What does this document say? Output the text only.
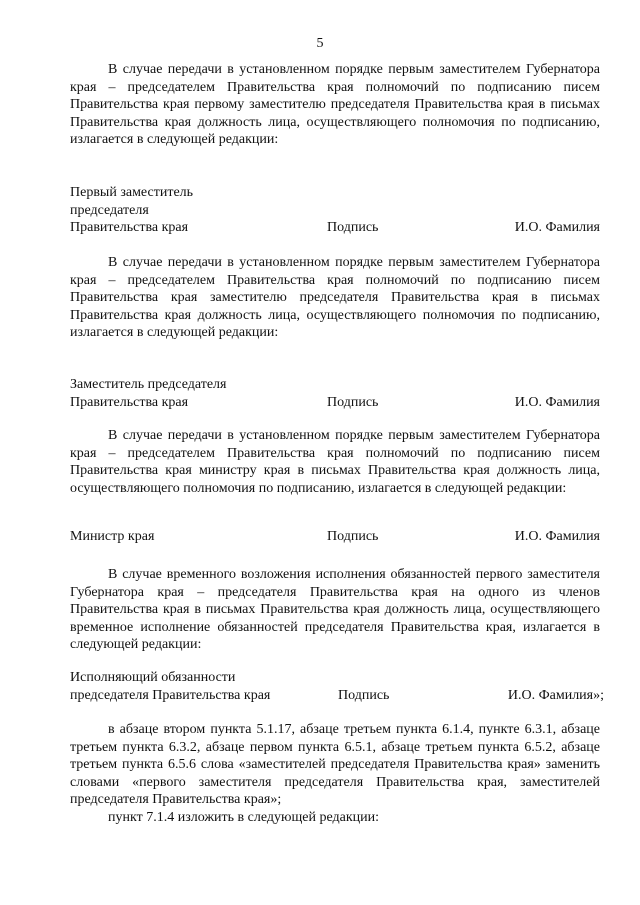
5

В случае передачи в установленном порядке первым заместителем Губернатора края – председателем Правительства края полномочий по подписанию писем Правительства края первому заместителю председателя Правительства края в письмах Правительства края должность лица, осуществляющего полномочия по подписанию, излагается в следующей редакции:

Первый заместитель
председателя
Правительства края	Подпись	И.О. Фамилия

В случае передачи в установленном порядке первым заместителем Губернатора края – председателем Правительства края полномочий по подписанию писем Правительства края заместителю председателя Правительства края в письмах Правительства края должность лица, осуществляющего полномочия по подписанию, излагается в следующей редакции:

Заместитель председателя
Правительства края	Подпись	И.О. Фамилия

В случае передачи в установленном порядке первым заместителем Губернатора края – председателем Правительства края полномочий по подписанию писем Правительства края министру края в письмах Правительства края должность лица, осуществляющего полномочия по подписанию, излагается в следующей редакции:

Министр края	Подпись	И.О. Фамилия

В случае временного возложения исполнения обязанностей первого заместителя Губернатора края – председателя Правительства края на одного из членов Правительства края в письмах Правительства края должность лица, осуществляющего временное исполнение обязанностей председателя Правительства края, излагается в следующей редакции:

Исполняющий обязанности
председателя Правительства края	Подпись	И.О. Фамилия»;

в абзаце втором пункта 5.1.17, абзаце третьем пункта 6.1.4, пункте 6.3.1, абзаце третьем пункта 6.3.2, абзаце первом пункта 6.5.1, абзаце третьем пункта 6.5.2, абзаце третьем пункта 6.5.6 слова «заместителей председателя Правительства края» заменить словами «первого заместителя председателя Правительства края, заместителей председателя Правительства края»;

пункт 7.1.4 изложить в следующей редакции:
